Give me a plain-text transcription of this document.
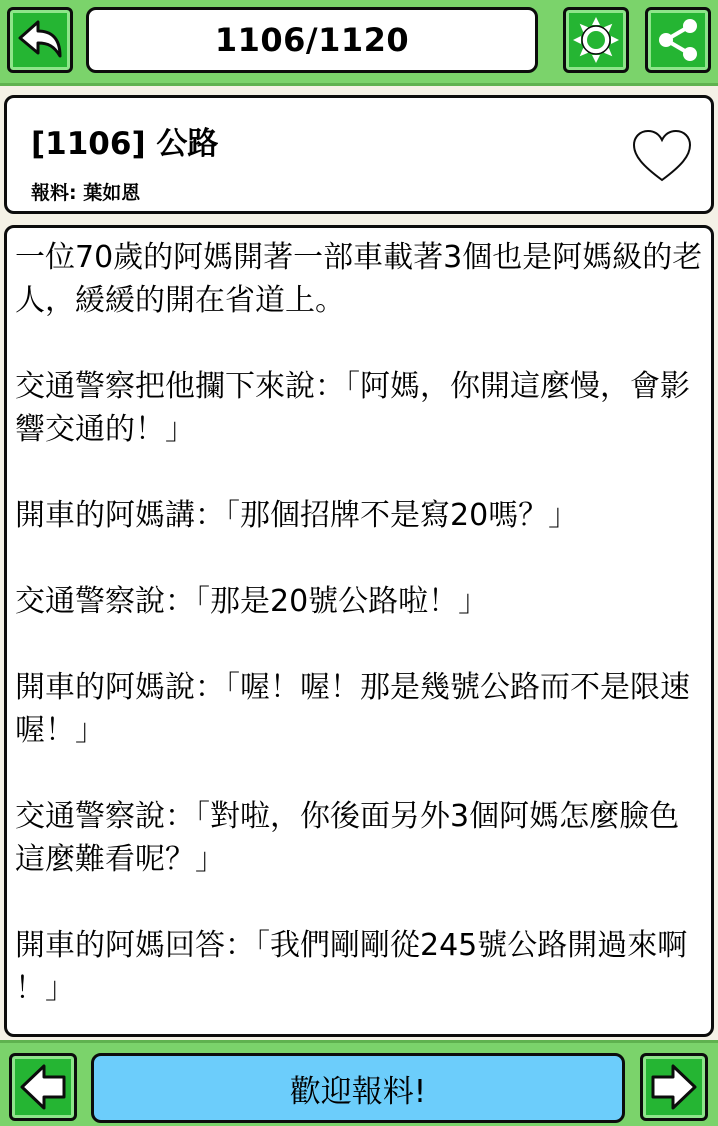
1106/1120
[1106] 公路
報料: 葉如恩

一位70歲的阿媽開著一部車載著3個也是阿媽級的老人，緩緩的開在省道上。

交通警察把他攔下來說：「阿媽，你開這麼慢，會影響交通的！」

開車的阿媽講：「那個招牌不是寫20嗎？」

交通警察說：「那是20號公路啦！」

開車的阿媽說：「喔！喔！那是幾號公路而不是限速喔！」

交通警察說：「對啦，你後面另外3個阿媽怎麼臉色這麼難看呢？」

開車的阿媽回答：「我們剛剛從245號公路開過來啊 ！」

歡迎報料!
